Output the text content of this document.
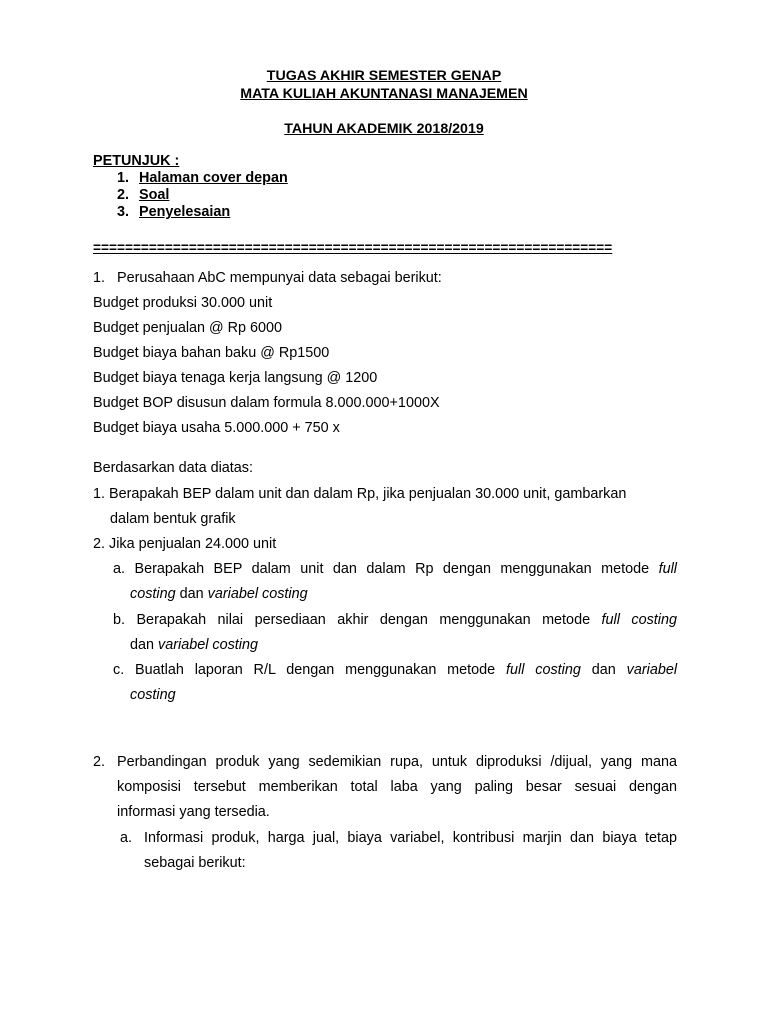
TUGAS AKHIR SEMESTER GENAP
MATA KULIAH AKUNTANASI MANAJEMEN
TAHUN AKADEMIK 2018/2019
PETUNJUK :
1. Halaman cover depan
2. Soal
3. Penyelesaian
=================================================================
1. Perusahaan AbC mempunyai data sebagai berikut:
Budget produksi 30.000 unit
Budget penjualan @ Rp 6000
Budget biaya bahan baku @ Rp1500
Budget biaya tenaga kerja langsung @ 1200
Budget BOP disusun dalam formula 8.000.000+1000X
Budget biaya usaha 5.000.000 + 750 x
Berdasarkan data diatas:
1. Berapakah BEP dalam unit dan dalam Rp, jika penjualan 30.000 unit, gambarkan
dalam bentuk grafik
2. Jika penjualan 24.000 unit
a. Berapakah BEP dalam unit dan dalam Rp dengan menggunakan metode full
costing dan variabel costing
b. Berapakah nilai persediaan akhir dengan menggunakan metode full costing
dan variabel costing
c. Buatlah laporan R/L dengan menggunakan metode full costing dan variabel
costing
2. Perbandingan produk yang sedemikian rupa, untuk diproduksi /dijual, yang mana
komposisi tersebut memberikan total laba yang paling besar sesuai dengan
informasi yang tersedia.
a. Informasi produk, harga jual, biaya variabel, kontribusi marjin dan biaya tetap
sebagai berikut:
